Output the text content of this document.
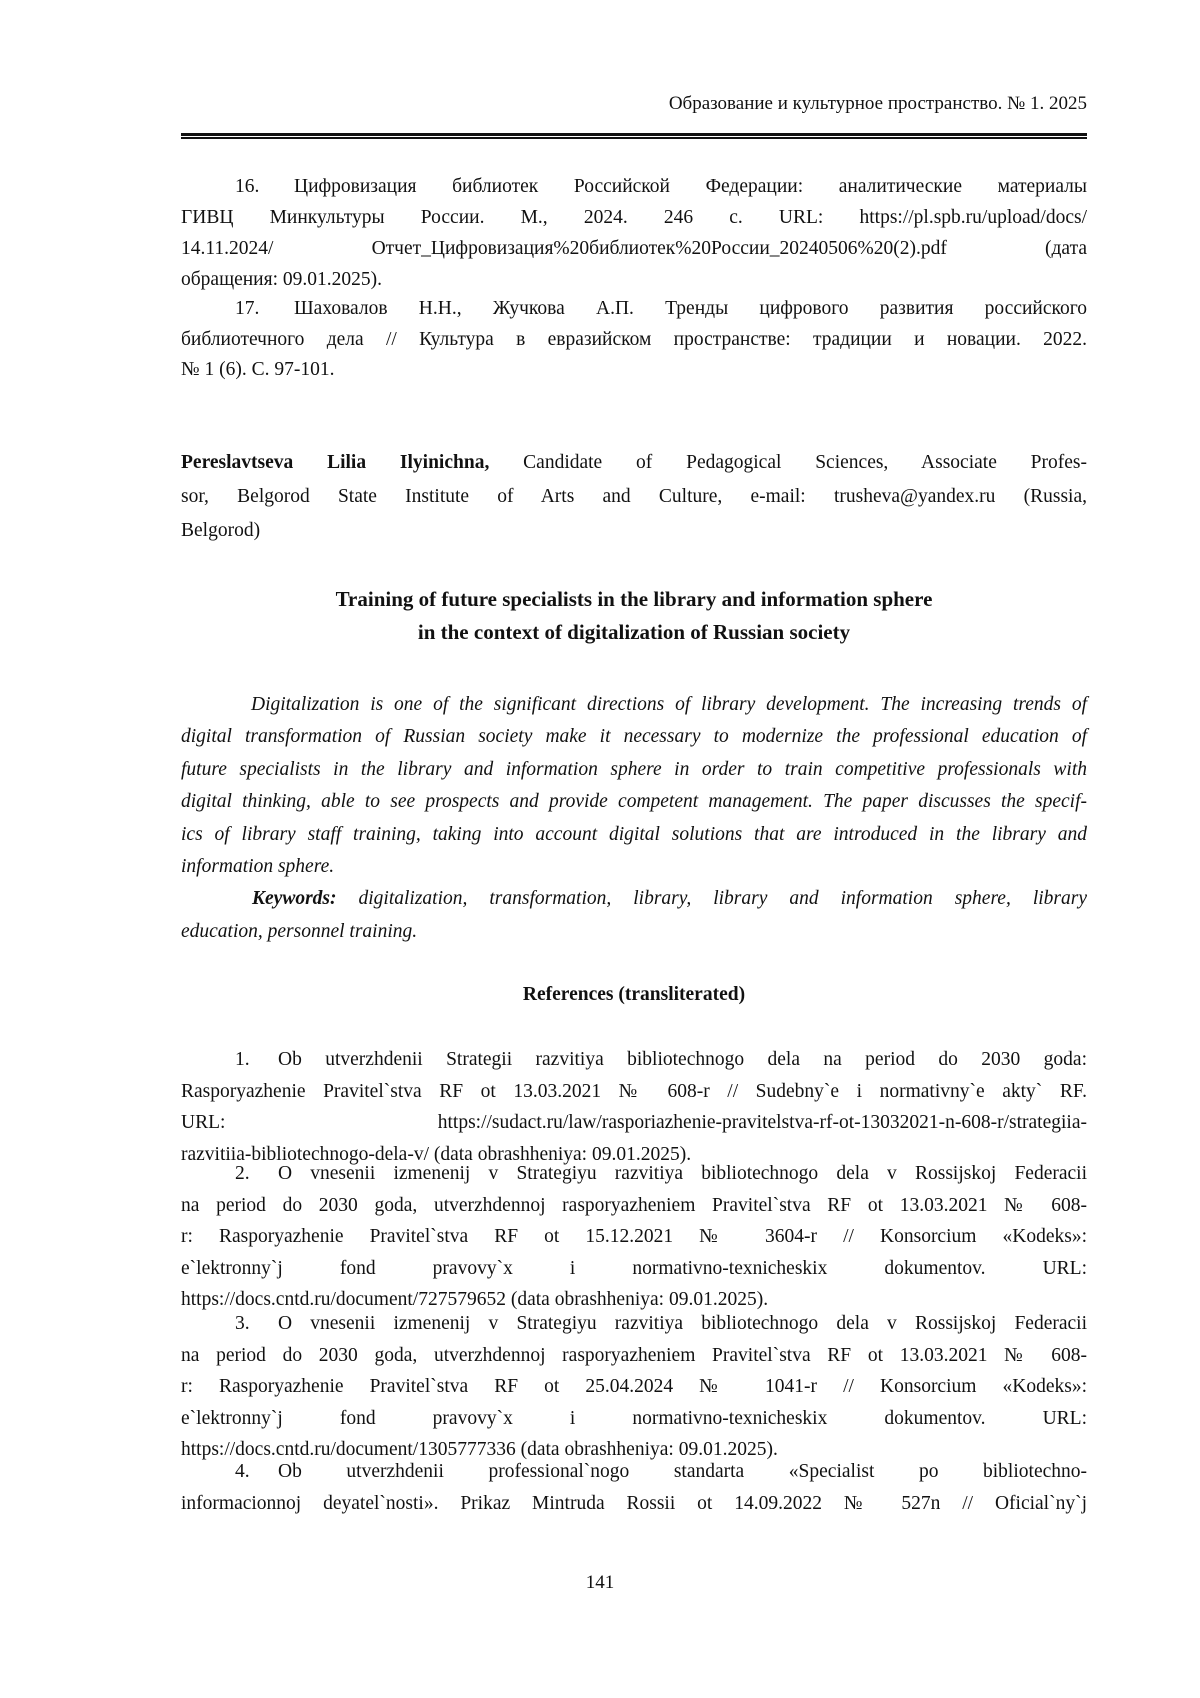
Образование и культурное пространство. № 1. 2025
16. Цифровизация библиотек Российской Федерации: аналитические материалы
ГИВЦ Минкультуры России. М., 2024. 246 с. URL: https://pl.spb.ru/upload/docs/
14.11.2024/ Отчет_Цифровизация%20библиотек%20России_20240506%20(2).pdf (дата
обращения: 09.01.2025).
17. Шаховалов Н.Н., Жучкова А.П. Тренды цифрового развития российского
библиотечного дела // Культура в евразийском пространстве: традиции и новации. 2022.
№ 1 (6). С. 97-101.
Pereslavtseva Lilia Ilyinichna, Candidate of Pedagogical Sciences, Associate Profes-
sor, Belgorod State Institute of Arts and Culture, e-mail: trusheva@yandex.ru (Russia,
Belgorod)
Training of future specialists in the library and information sphere
in the context of digitalization of Russian society
Digitalization is one of the significant directions of library development. The increasing trends of
digital transformation of Russian society make it necessary to modernize the professional education of
future specialists in the library and information sphere in order to train competitive professionals with
digital thinking, able to see prospects and provide competent management. The paper discusses the specif-
ics of library staff training, taking into account digital solutions that are introduced in the library and
information sphere.
Keywords: digitalization, transformation, library, library and information sphere, library
education, personnel training.
References (transliterated)
1. Ob utverzhdenii Strategii razvitiya bibliotechnogo dela na period do 2030 goda:
Rasporyazhenie Pravitel`stva RF ot 13.03.2021 № 608-r // Sudebny`e i normativny`e akty` RF.
URL: https://sudact.ru/law/rasporiazhenie-pravitelstva-rf-ot-13032021-n-608-r/strategiia-
razvitiia-bibliotechnogo-dela-v/ (data obrashheniya: 09.01.2025).
2. O vnesenii izmenenij v Strategiyu razvitiya bibliotechnogo dela v Rossijskoj Federacii
na period do 2030 goda, utverzhdennoj rasporyazheniem Pravitel`stva RF ot 13.03.2021 № 608-
r: Rasporyazhenie Pravitel`stva RF ot 15.12.2021 № 3604-r // Konsorcium «Kodeks»:
e`lektronny`j fond pravovy`x i normativno-texnicheskix dokumentov. URL:
https://docs.cntd.ru/document/727579652 (data obrashheniya: 09.01.2025).
3. O vnesenii izmenenij v Strategiyu razvitiya bibliotechnogo dela v Rossijskoj Federacii
na period do 2030 goda, utverzhdennoj rasporyazheniem Pravitel`stva RF ot 13.03.2021 № 608-
r: Rasporyazhenie Pravitel`stva RF ot 25.04.2024 № 1041-r // Konsorcium «Kodeks»:
e`lektronny`j fond pravovy`x i normativno-texnicheskix dokumentov. URL:
https://docs.cntd.ru/document/1305777336 (data obrashheniya: 09.01.2025).
4. Ob utverzhdenii professional`nogo standarta «Specialist po bibliotechno-
informacionnoj deyatel`nosti». Prikaz Mintruda Rossii ot 14.09.2022 № 527n // Oficial`ny`j
141
